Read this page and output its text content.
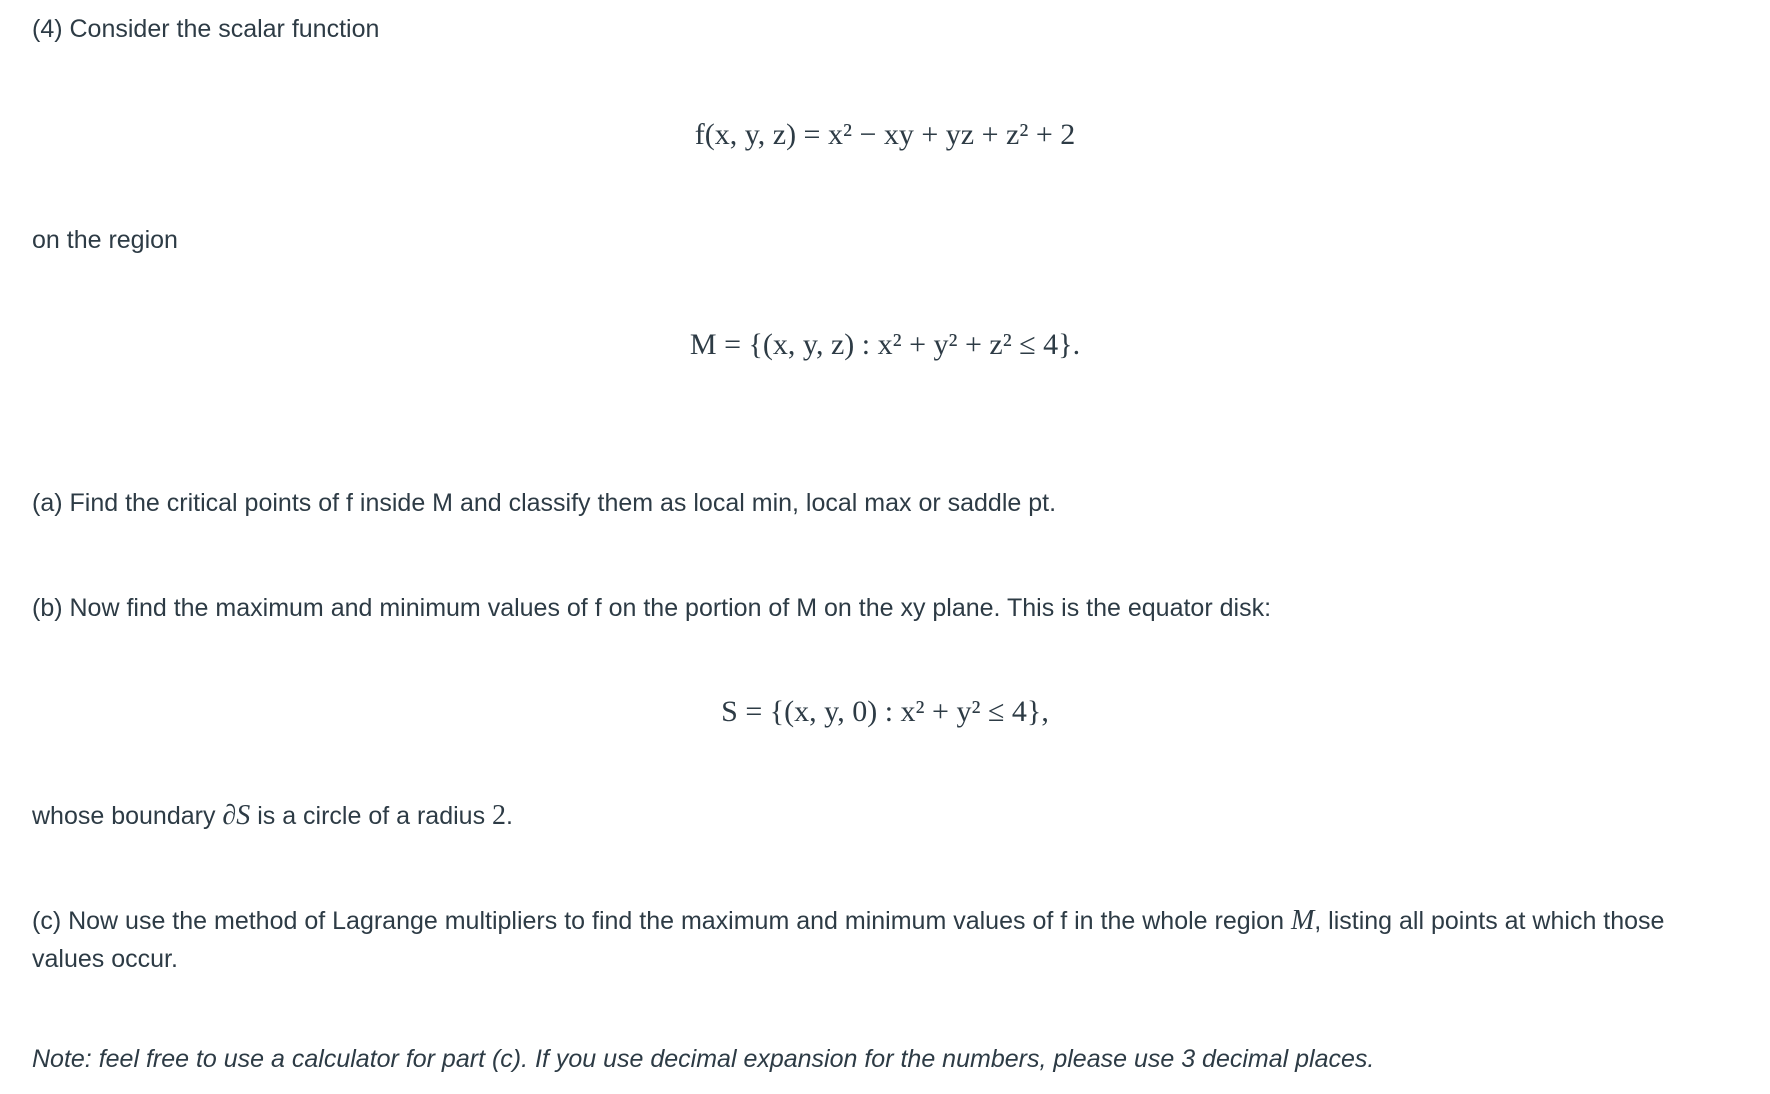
(4) Consider the scalar function
f(x, y, z) = x² − xy + yz + z² + 2
on the region
M = {(x, y, z) : x² + y² + z² ≤ 4}.
(a) Find the critical points of f inside M and classify them as local min, local max or saddle pt.
(b) Now find the maximum and minimum values of f on the portion of M on the xy plane. This is the equator disk:
S = {(x, y, 0) : x² + y² ≤ 4},
whose boundary ∂S is a circle of a radius 2.
(c) Now use the method of Lagrange multipliers to find the maximum and minimum values of f in the whole region M, listing all points at which those values occur.
Note: feel free to use a calculator for part (c). If you use decimal expansion for the numbers, please use 3 decimal places.
